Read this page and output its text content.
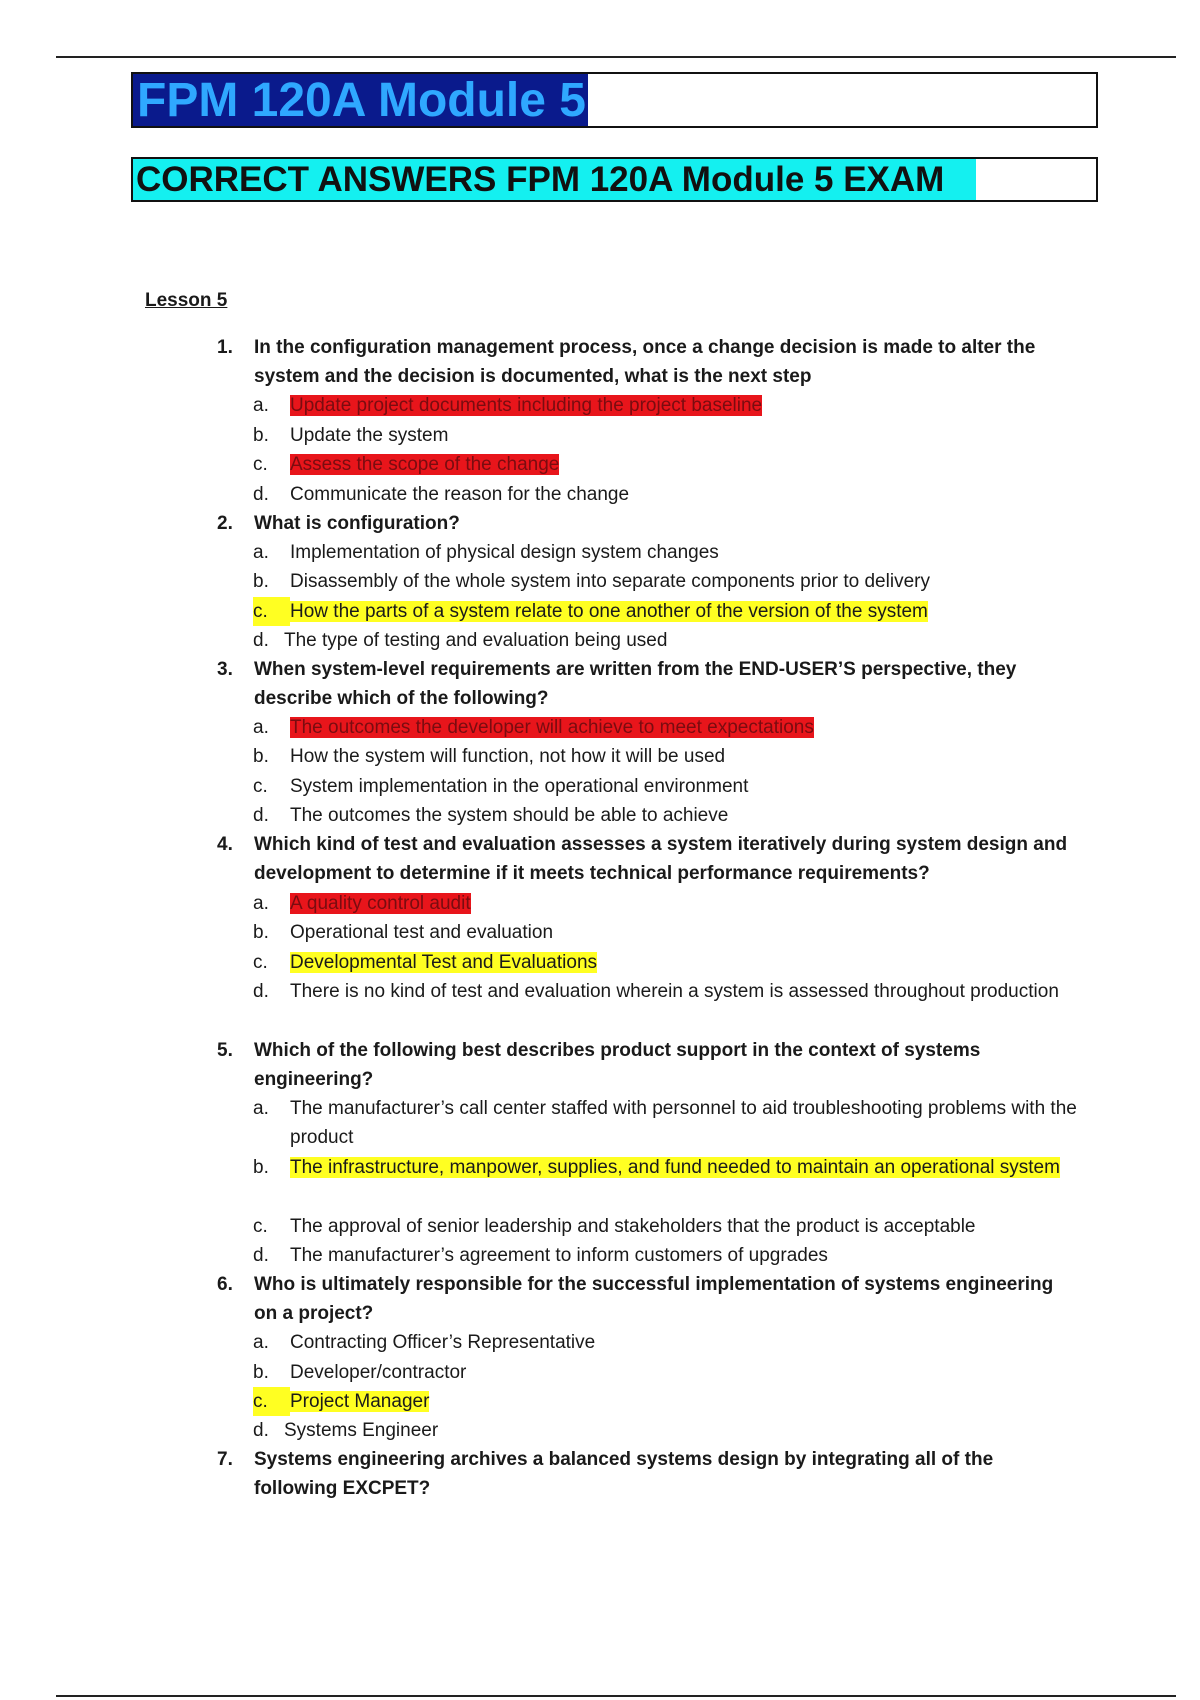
FPM 120A Module 5
CORRECT ANSWERS FPM 120A Module 5 EXAM
Lesson 5
1. In the configuration management process, once a change decision is made to alter the system and the decision is documented, what is the next step
a.	Update project documents including the project baseline
b.	Update the system
c.	Assess the scope of the change
d.	Communicate the reason for the change
2. What is configuration?
a.	Implementation of physical design system changes
b.	Disassembly of the whole system into separate components prior to delivery
c.	How the parts of a system relate to one another of the version of the system
d. The type of testing and evaluation being used
3. When system-level requirements are written from the END-USER’S perspective, they describe which of the following?
a.	The outcomes the developer will achieve to meet expectations
b.	How the system will function, not how it will be used
c.	System implementation in the operational environment
d.	The outcomes the system should be able to achieve
4. Which kind of test and evaluation assesses a system iteratively during system design and development to determine if it meets technical performance requirements?
a.	A quality control audit
b.	Operational test and evaluation
c.	Developmental Test and Evaluations
d.	There is no kind of test and evaluation wherein a system is assessed throughout production
5. Which of the following best describes product support in the context of systems engineering?
a.	The manufacturer’s call center staffed with personnel to aid troubleshooting problems with the product
b.	The infrastructure, manpower, supplies, and fund needed to maintain an operational system
c.	The approval of senior leadership and stakeholders that the product is acceptable
d.	The manufacturer’s agreement to inform customers of upgrades
6. Who is ultimately responsible for the successful implementation of systems engineering on a project?
a.	Contracting Officer’s Representative
b.	Developer/contractor
c.	Project Manager
d. Systems Engineer
7. Systems engineering archives a balanced systems design by integrating all of the following EXCPET?
